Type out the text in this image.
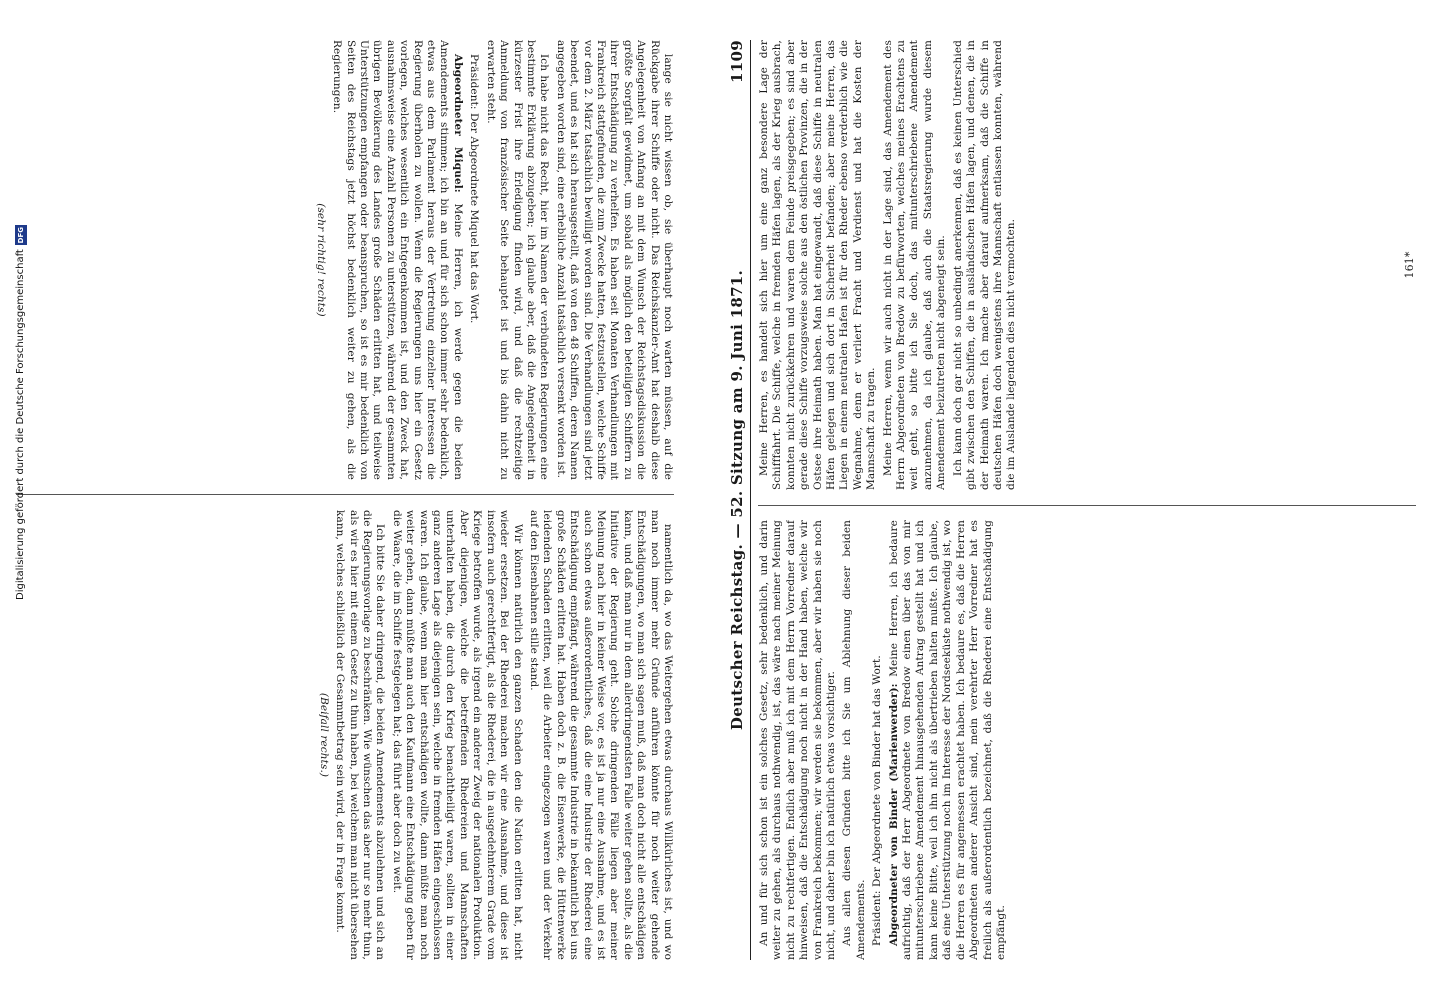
lange sie nicht wissen ob, sie überhaupt noch warten müssen, auf die Rückgabe ihrer Schiffe oder nicht. Das Reichskanzler-Amt hat deshalb diese Angelegenheit von Anfang an mit dem Wunsch der Reichstagsdiskussion die größte Sorgfalt gewidmet, um sobald als möglich den beteiligten Schiffern zu ihrer Entschädigung zu verhelfen. Es haben seit Monaten Verhandlungen mit Frankreich stattgefunden, die zum Zwecke hatten, festzustellen, welche Schiffe vor dem 2. März tatsächlich bewilligt worden sind. Die Verhandlungen sind jetzt beendet, und es hat sich herausgestellt, daß von den 48 Schiffen, deren Namen angegeben worden sind, eine erhebliche Anzahl tatsächlich versenkt worden ist.

Ich habe nicht das Recht, hier im Namen der verbündeten Regierungen eine bestimmte Erklärung abzugeben; ich glaube aber, daß die Angelegenheit in kürzester Frist ihre Erledigung finden wird, und daß die rechtzeitige Anmeldung von französischer Seite behauptet ist und bis dahin nicht zu erwarten steht.

Präsident: Der Abgeordnete Miquel hat das Wort.

Abgeordneter Miquel: Meine Herren, ich werde gegen die beiden Amendements stimmen; ich bin an und für sich schon immer sehr bedenklich, etwas aus dem Parlament heraus der Vertretung einzelner Interessen die Regierung überholen zu wollen. Wenn die Regierungen uns hier ein Gesetz vorlegen, welches wesentlich ein Entgegenkommen ist, und den Zweck hat, ausnahmsweise eine Anzahl Personen zu unterstützen, während der gesammten übrigen Bevölkerung des Landes große Schäden erlitten hat, und teilweise Unterstützungen empfangen oder beanspruchen, so ist es mir bedenklich von Seiten des Reichstags jetzt höchst bedenklich weiter zu gehen, als die Regierungen.

(sehr richtig! rechts)

namentlich da, wo das Weitergehen etwas durchaus Willkürliches ist, und wo man noch immer mehr Gründe anführen könnte für noch weiter gehende Entschädigungen, wo man sich sagen muß, daß man doch nicht alle entschädigen kann, und daß man nur in dem allerdringendsten Falle weiter gehen sollte, als die Initiative der Regierung geht. Solche dringenden Fälle liegen aber meiner Meinung nach hier in keiner Weise vor, es ist ja nur eine Ausnahme, und es ist auch schon etwas außerordentliches, daß die eine Industrie der Rhederei eine Entschädigung empfängt, während die gesammte Industrie in bekanntlich bei uns große Schäden erlitten hat. Haben doch z. B. die Eisenwerke, die Hüttenwerke leidenden Schaden erlitten, weil die Arbeiter eingezogen waren und der Verkehr auf den Eisenbahnen stille stand.

Wir können natürlich den ganzen Schaden den die Nation erlitten hat, nicht wieder ersetzen. Bei der Rhederei machen wir eine Ausnahme, und diese ist insofern auch gerechtfertigt, als die Rhederei, die in ausgedehnterem Grade vom Kriege betroffen wurde, als irgend ein anderer Zweig der nationalen Produktion. Aber diejenigen, welche die betreffenden Rhedereien und Mannschaften unterhalten haben, die durch den Krieg benachtheiligt waren, sollten in einer ganz anderen Lage als diejenigen sein, welche in fremden Häfen eingeschlossen waren. Ich glaube, wenn man hier entschädigen wollte, dann müßte man noch weiter gehen, dann müßte man auch den Kaufmann eine Entschädigung geben für die Waare, die im Schiffe festgelegen hat; das führt aber doch zu weit.

Ich bitte Sie daher dringend, die beiden Amendements abzulehnen und sich an die Regierungsvorlage zu beschränken. Wie wünschen das aber nur so mehr thun, als wir es hier mit einem Gesetz zu thun haben, bei welchem man nicht übersehen kann, welches schließlich der Gesammtbetrag sein wird, der in Frage kommt.

(Beifall rechts.)

Deutscher Reichstag. — 52. Sitzung am 9. Juni 1871.
1109

An und für sich schon ist ein solches Gesetz, sehr bedenklich, und darin weiter zu gehen, als durchaus nothwendig, ist, das wäre nach meiner Meinung nicht zu rechtfertigen. Endlich aber muß ich mit dem Herrn Vorredner darauf hinweisen, daß die Entschädigung noch nicht in der Hand haben, welche wir von Frankreich bekommen; wir werden sie bekommen, aber wir haben sie noch nicht, und daher bin ich natürlich etwas vorsichtiger. Aus allen diesen Gründen bitte ich Sie um Ablehnung dieser beiden Amendements. Präsident: Der Abgeordnete von Binder hat das Wort. Abgeordneter von Binder (Marienwerder): Meine Herren, ich bedaure aufrichtig, daß der Herr Abgeordnete von Bredow einen über das von mir mitunterschriebene Amendement hinausgehenden Antrag gestellt hat und ich kann keine Bitte, weil ich ihn nicht als übertrieben halten mußte. Ich glaube, daß eine Unterstützung noch im Interesse der Nordseeküste nothwendig ist, wo die Herren es für angemessen erachtet haben. Ich bedaure es, daß die Herren Abgeordneten anderer Ansicht sind, mein verehrter Herr Vorredner hat es freilich als außerordentlich bezeichnet, daß die Rhederei eine Entschädigung empfängt.

Meine Herren, es handelt sich hier um eine ganz besondere Lage der Schifffahrt. Die Schiffe, welche in fremden Häfen lagen, als der Krieg ausbrach, konnten nicht zurückkehren und waren dem Feinde preisgegeben; es sind aber gerade diese Schiffe vorzugsweise solche aus den östlichen Provinzen, die in der Ostsee ihre Heimath haben. Man hat eingewandt, daß diese Schiffe in neutralen Häfen gelegen und sich dort in Sicherheit befanden; aber meine Herren, das Liegen in einem neutralen Hafen ist für den Rheder ebenso verderblich wie die Wegnahme, denn er verliert Fracht und Verdienst und hat die Kosten der Mannschaft zu tragen. Meine Herren, wenn wir auch nicht in der Lage sind, das Amendement des Herrn Abgeordneten von Bredow zu befürworten, welches meines Erachtens zu weit geht, so bitte ich Sie doch, das mitunterschriebene Amendement anzunehmen, da ich glaube, daß auch die Staatsregierung wurde diesem Amendement beizutreten nicht abgeneigt sein. Ich kann doch gar nicht so unbedingt anerkennen, daß es keinen Unterschied gibt zwischen den Schiffen, die in ausländischen Häfen lagen, und denen, die in der Heimath waren. Ich mache aber darauf aufmerksam, daß die Schiffe in deutschen Häfen doch wenigstens ihre Mannschaft entlassen konnten, während die im Auslande liegenden dies nicht vermochten.	161*
Digitalisierung gefördert durch die Deutsche Forschungsgemeinschaft
DFG
